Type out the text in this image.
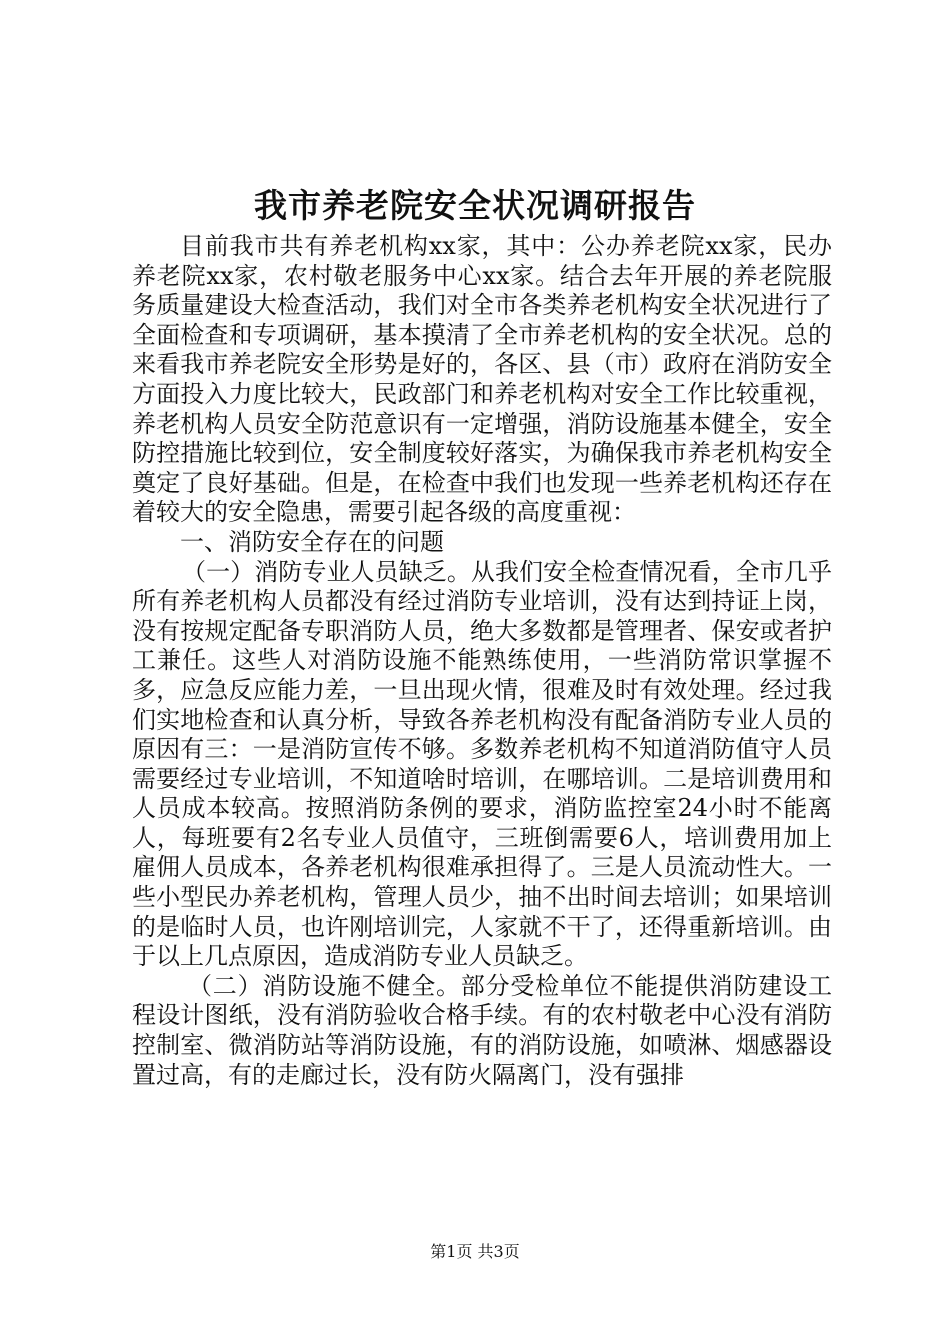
我市养老院安全状况调研报告

目前我市共有养老机构xx家，其中：公办养老院xx家，民办养老院xx家，农村敬老服务中心xx家。结合去年开展的养老院服务质量建设大检查活动，我们对全市各类养老机构安全状况进行了全面检查和专项调研，基本摸清了全市养老机构的安全状况。总的来看我市养老院安全形势是好的，各区、县（市）政府在消防安全方面投入力度比较大，民政部门和养老机构对安全工作比较重视，养老机构人员安全防范意识有一定增强，消防设施基本健全，安全防控措施比较到位，安全制度较好落实，为确保我市养老机构安全奠定了良好基础。但是，在检查中我们也发现一些养老机构还存在着较大的安全隐患，需要引起各级的高度重视：

一、消防安全存在的问题

（一）消防专业人员缺乏。从我们安全检查情况看，全市几乎所有养老机构人员都没有经过消防专业培训，没有达到持证上岗，没有按规定配备专职消防人员，绝大多数都是管理者、保安或者护工兼任。这些人对消防设施不能熟练使用，一些消防常识掌握不多，应急反应能力差，一旦出现火情，很难及时有效处理。经过我们实地检查和认真分析，导致各养老机构没有配备消防专业人员的原因有三：一是消防宣传不够。多数养老机构不知道消防值守人员需要经过专业培训，不知道啥时培训，在哪培训。二是培训费用和人员成本较高。按照消防条例的要求，消防监控室24小时不能离人，每班要有2名专业人员值守，三班倒需要6人，培训费用加上雇佣人员成本，各养老机构很难承担得了。三是人员流动性大。一些小型民办养老机构，管理人员少，抽不出时间去培训；如果培训的是临时人员，也许刚培训完，人家就不干了，还得重新培训。由于以上几点原因，造成消防专业人员缺乏。

（二）消防设施不健全。部分受检单位不能提供消防建设工程设计图纸，没有消防验收合格手续。有的农村敬老中心没有消防控制室、微消防站等消防设施，有的消防设施，如喷淋、烟感器设置过高，有的走廊过长，没有防火隔离门，没有强排

第1页 共3页
